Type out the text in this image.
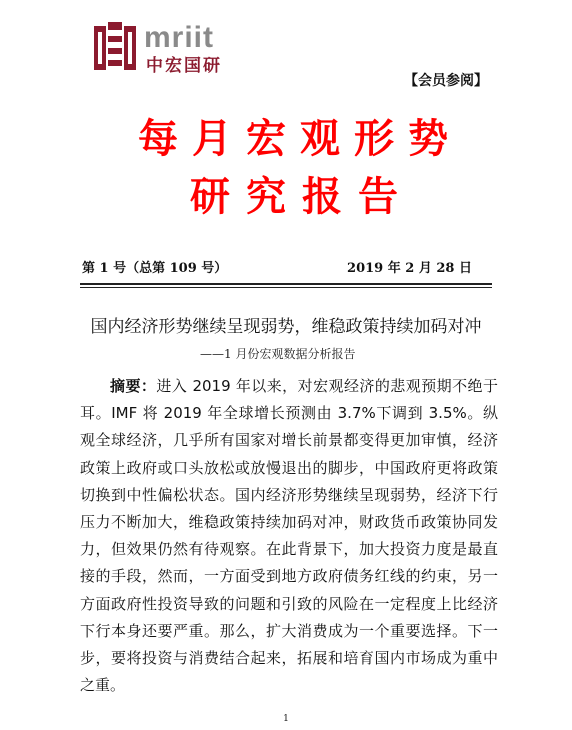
mriit
中宏国研
【会员参阅】
每月宏观形势
研究报告
第 1 号（总第 109 号）	2019 年 2 月 28 日
国内经济形势继续呈现弱势，维稳政策持续加码对冲
——1 月份宏观数据分析报告

摘要：进入 2019 年以来，对宏观经济的悲观预期不绝于耳。IMF 将 2019 年全球增长预测由 3.7%下调到 3.5%。纵观全球经济，几乎所有国家对增长前景都变得更加审慎，经济政策上政府或口头放松或放慢退出的脚步，中国政府更将政策切换到中性偏松状态。国内经济形势继续呈现弱势，经济下行压力不断加大，维稳政策持续加码对冲，财政货币政策协同发力，但效果仍然有待观察。在此背景下，加大投资力度是最直接的手段，然而，一方面受到地方政府债务红线的约束，另一方面政府性投资导致的问题和引致的风险在一定程度上比经济下行本身还要严重。那么，扩大消费成为一个重要选择。下一步，要将投资与消费结合起来，拓展和培育国内市场成为重中之重。

1
